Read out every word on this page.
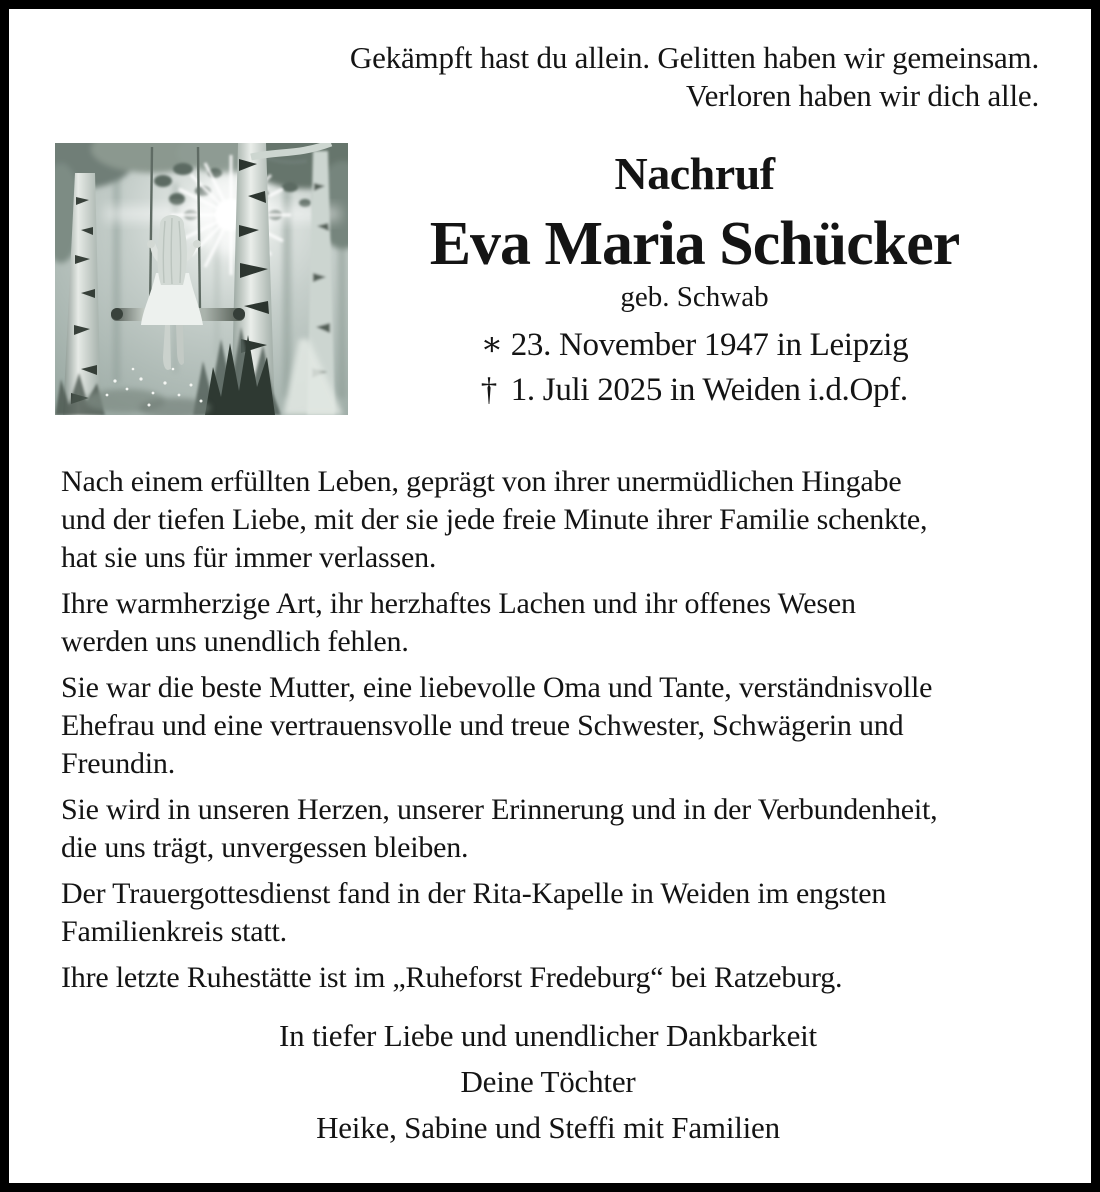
Gekämpft hast du allein. Gelitten haben wir gemeinsam.
Verloren haben wir dich alle.
Nachruf
Eva Maria Schücker
geb. Schwab
∗ 23. November 1947 in Leipzig
† 1. Juli 2025 in Weiden i.d.Opf.
Nach einem erfüllten Leben, geprägt von ihrer unermüdlichen Hingabe
und der tiefen Liebe, mit der sie jede freie Minute ihrer Familie schenkte,
hat sie uns für immer verlassen.
Ihre warmherzige Art, ihr herzhaftes Lachen und ihr offenes Wesen
werden uns unendlich fehlen.
Sie war die beste Mutter, eine liebevolle Oma und Tante, verständnisvolle
Ehefrau und eine vertrauensvolle und treue Schwester, Schwägerin und
Freundin.
Sie wird in unseren Herzen, unserer Erinnerung und in der Verbundenheit,
die uns trägt, unvergessen bleiben.
Der Trauergottesdienst fand in der Rita-Kapelle in Weiden im engsten
Familienkreis statt.
Ihre letzte Ruhestätte ist im „Ruheforst Fredeburg“ bei Ratzeburg.
In tiefer Liebe und unendlicher Dankbarkeit
Deine Töchter
Heike, Sabine und Steffi mit Familien
